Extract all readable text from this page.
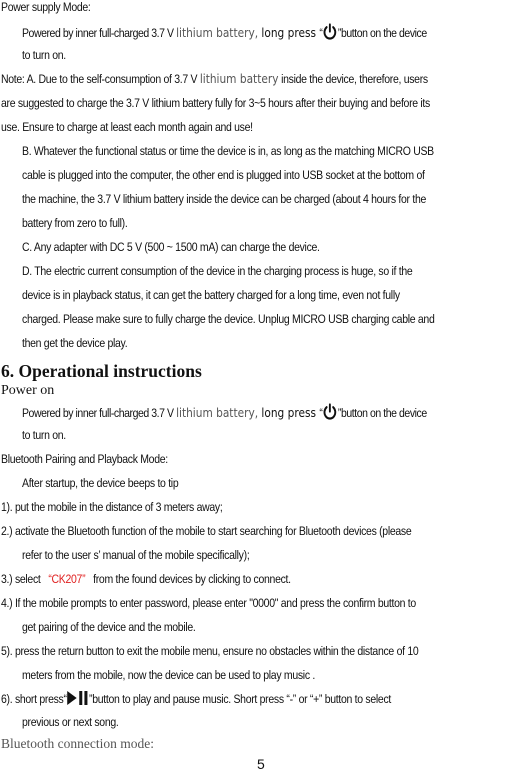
Power supply Mode:
Powered by inner full-charged 3.7 V lithium battery, long press “ ”button on the device
to turn on.
Note: A. Due to the self-consumption of 3.7 V lithium battery inside the device, therefore, users
are suggested to charge the 3.7 V lithium battery fully for 3~5 hours after their buying and before its
use. Ensure to charge at least each month again and use!
B. Whatever the functional status or time the device is in, as long as the matching MICRO USB
cable is plugged into the computer, the other end is plugged into USB socket at the bottom of
the machine, the 3.7 V lithium battery inside the device can be charged (about 4 hours for the
battery from zero to full).
C. Any adapter with DC 5 V (500 ~ 1500 mA) can charge the device.
D. The electric current consumption of the device in the charging process is huge, so if the
device is in playback status, it can get the battery charged for a long time, even not fully
charged. Please make sure to fully charge the device. Unplug MICRO USB charging cable and
then get the device play.
6. Operational instructions
Power on
Powered by inner full-charged 3.7 V lithium battery, long press “ ”button on the device
to turn on.
Bluetooth Pairing and Playback Mode:
After startup, the device beeps to tip
1). put the mobile in the distance of 3 meters away;
2.) activate the Bluetooth function of the mobile to start searching for Bluetooth devices (please
refer to the user s’ manual of the mobile specifically);
3.) select   “CK207”   from the found devices by clicking to connect.
4.) If the mobile prompts to enter password, please enter "0000" and press the confirm button to
get pairing of the device and the mobile.
5). press the return button to exit the mobile menu, ensure no obstacles within the distance of 10
meters from the mobile, now the device can be used to play music .
6). short press“ ”button to play and pause music. Short press “-” or “+” button to select
previous or next song.
Bluetooth connection mode:
5
